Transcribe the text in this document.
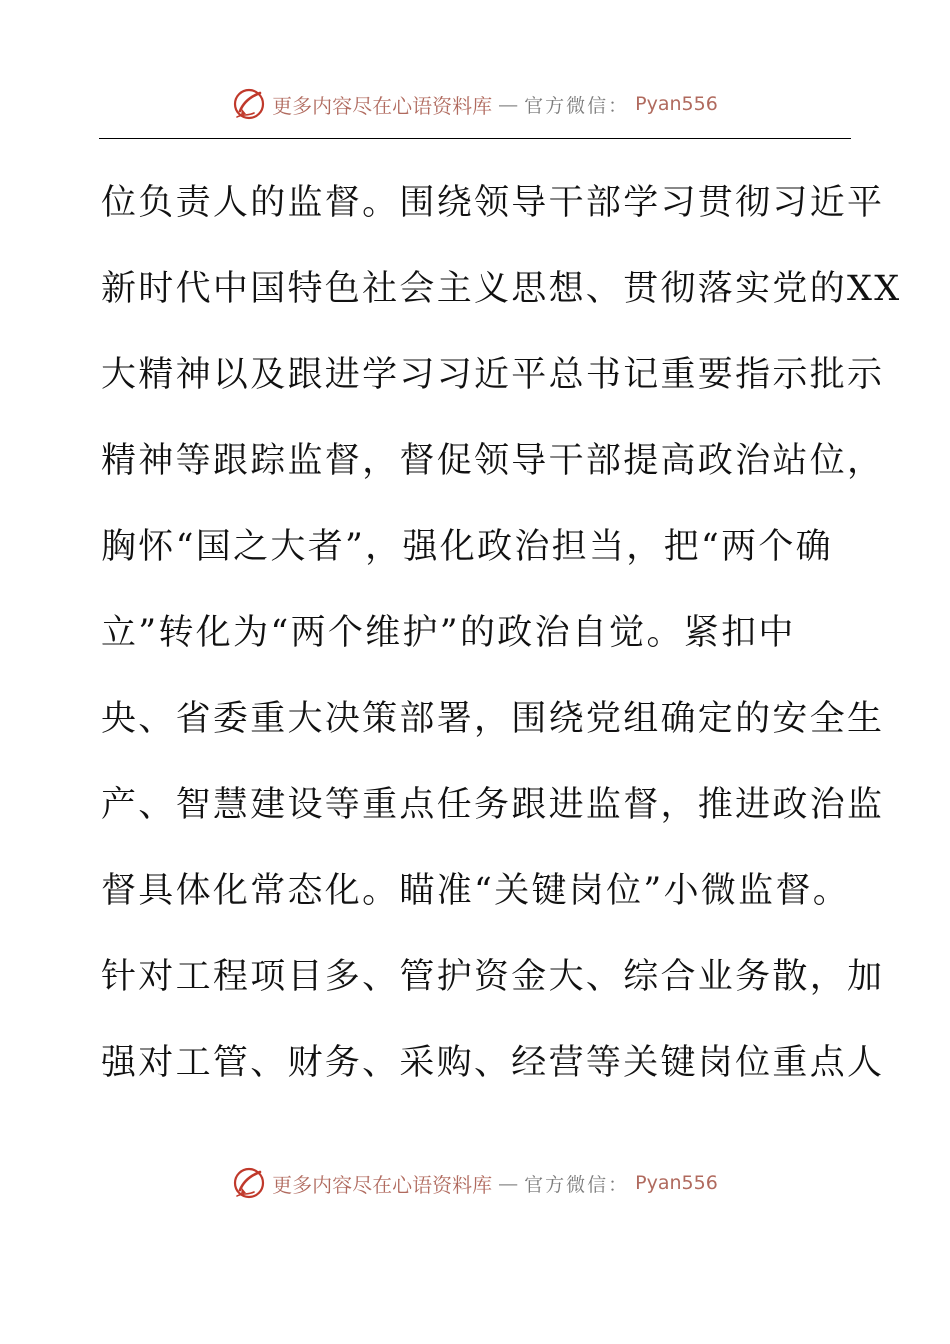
更多内容尽在心语资料库 — 官方微信： Pyan556
位负责人的监督。围绕领导干部学习贯彻习近平
新时代中国特色社会主义思想、贯彻落实党的XX
大精神以及跟进学习习近平总书记重要指示批示
精神等跟踪监督，督促领导干部提高政治站位，
胸怀“国之大者”，强化政治担当，把“两个确
立”转化为“两个维护”的政治自觉。紧扣中
央、省委重大决策部署，围绕党组确定的安全生
产、智慧建设等重点任务跟进监督，推进政治监
督具体化常态化。瞄准“关键岗位”小微监督。
针对工程项目多、管护资金大、综合业务散，加
强对工管、财务、采购、经营等关键岗位重点人
更多内容尽在心语资料库 — 官方微信： Pyan556
